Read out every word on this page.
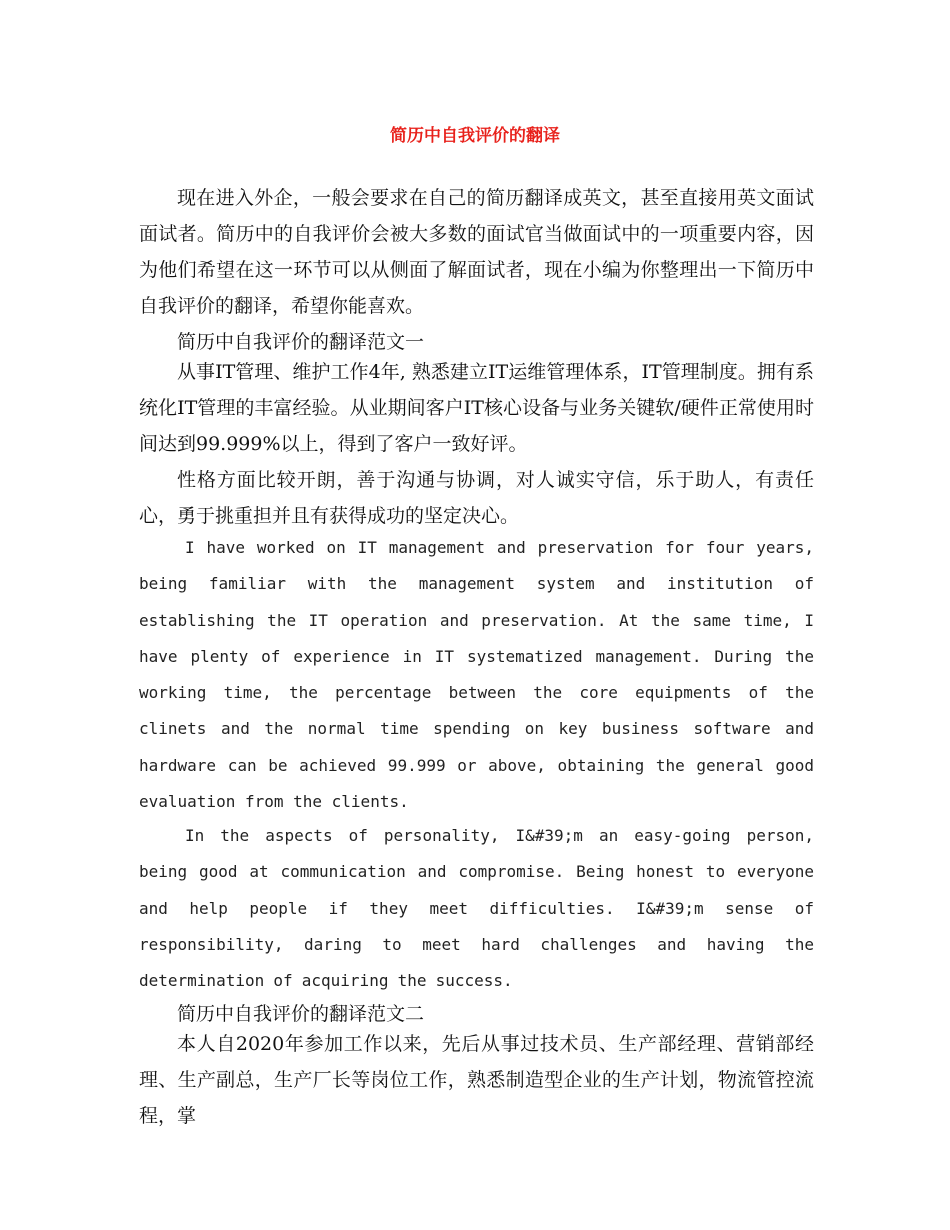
简历中自我评价的翻译

现在进入外企，一般会要求在自己的简历翻译成英文，甚至直接用英文面试面试者。简历中的自我评价会被大多数的面试官当做面试中的一项重要内容，因为他们希望在这一环节可以从侧面了解面试者，现在小编为你整理出一下简历中自我评价的翻译，希望你能喜欢。

简历中自我评价的翻译范文一

从事IT管理、维护工作4年, 熟悉建立IT运维管理体系，IT管理制度。拥有系统化IT管理的丰富经验。从业期间客户IT核心设备与业务关键软/硬件正常使用时间达到99.999%以上，得到了客户一致好评。

性格方面比较开朗，善于沟通与协调，对人诚实守信，乐于助人，有责任心，勇于挑重担并且有获得成功的坚定决心。

I have worked on IT management and preservation for four years, being familiar with the management system and institution of establishing the IT operation and preservation. At the same time, I have plenty of experience in IT systematized management. During the working time, the percentage between the core equipments of the clinets and the normal time spending on key business software and hardware can be achieved 99.999 or above, obtaining the general good evaluation from the clients.

In the aspects of personality, I&#39;m an easy-going person, being good at communication and compromise. Being honest to everyone and help people if they meet difficulties. I&#39;m sense of responsibility, daring to meet hard challenges and having the determination of acquiring the success.

简历中自我评价的翻译范文二

本人自2020年参加工作以来，先后从事过技术员、生产部经理、营销部经理、生产副总，生产厂长等岗位工作，熟悉制造型企业的生产计划，物流管控流程，掌
